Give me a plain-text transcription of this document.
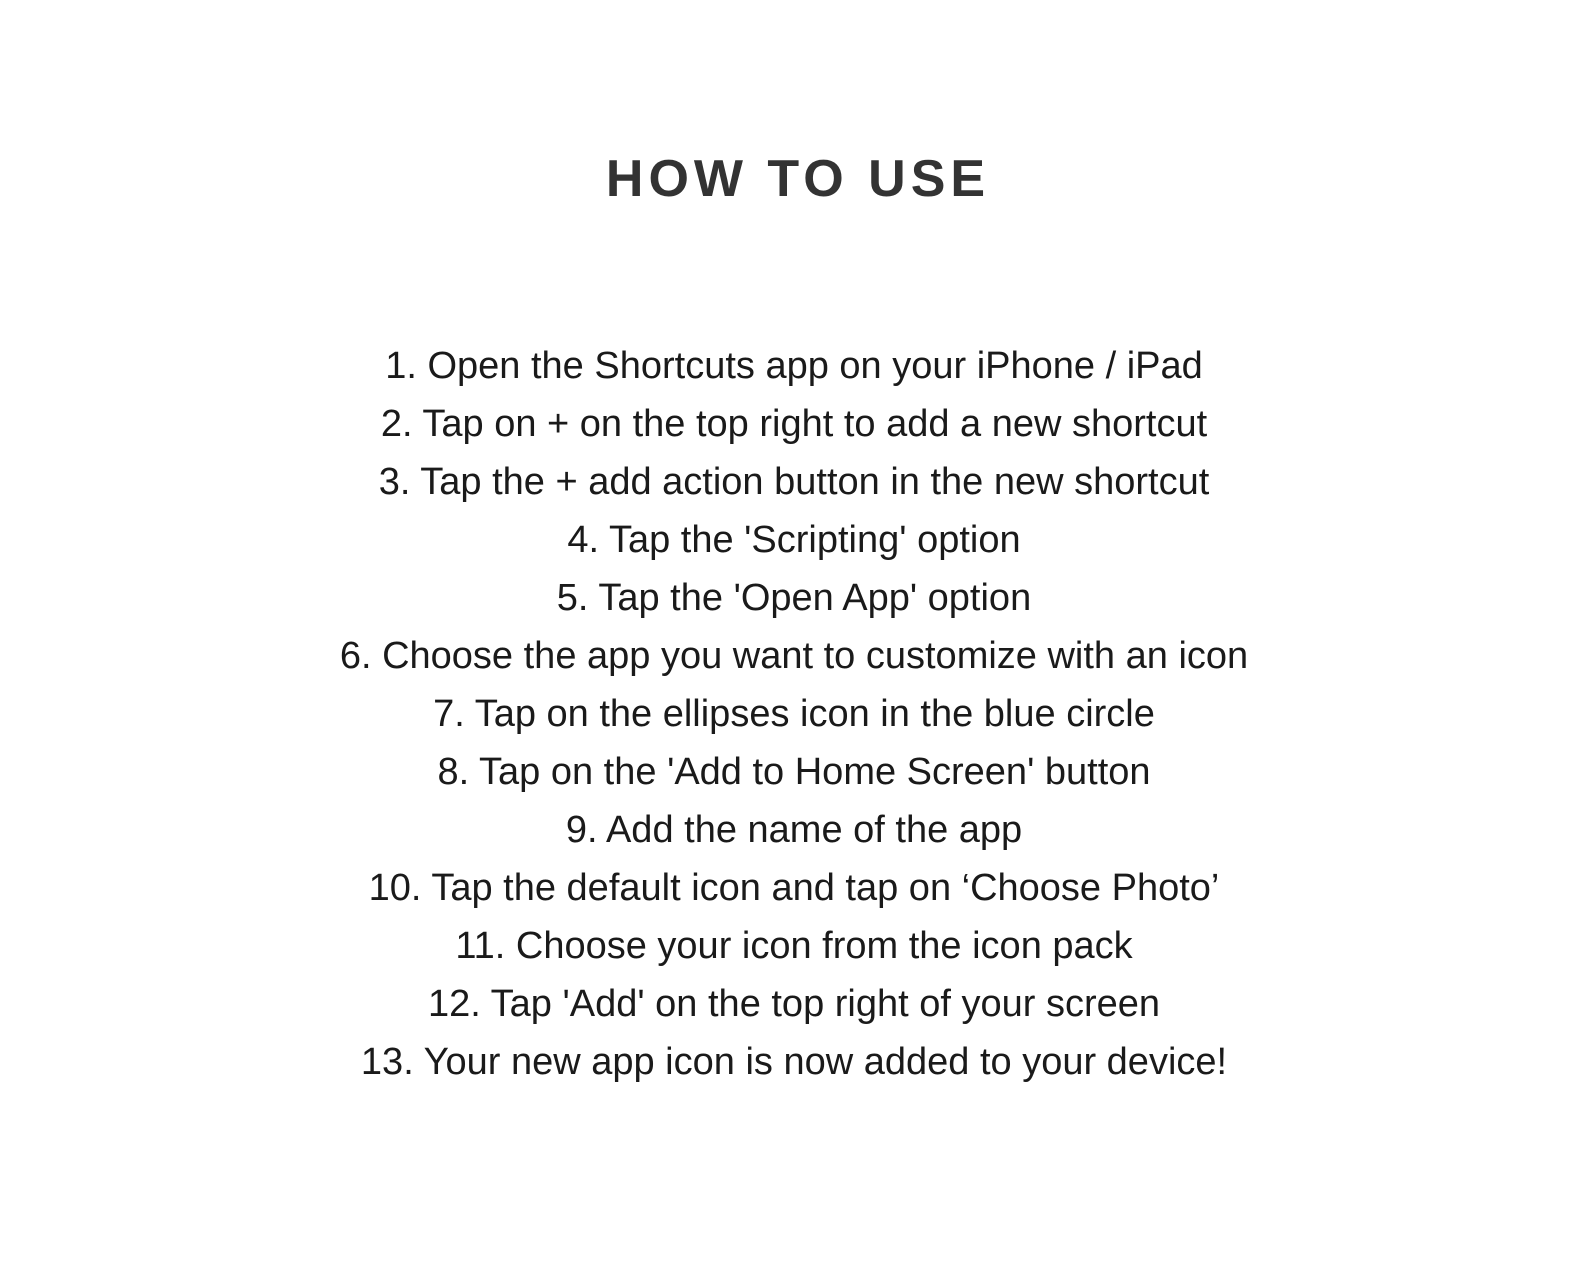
HOW TO USE
1. Open the Shortcuts app on your iPhone / iPad
2. Tap on + on the top right to add a new shortcut
3. Tap the + add action button in the new shortcut
4. Tap the 'Scripting' option
5. Tap the 'Open App' option
6. Choose the app you want to customize with an icon
7. Tap on the ellipses icon in the blue circle
8. Tap on the 'Add to Home Screen' button
9. Add the name of the app
10. Tap the default icon and tap on ‘Choose Photo’
11. Choose your icon from the icon pack
12. Tap 'Add' on the top right of your screen
13. Your new app icon is now added to your device!
